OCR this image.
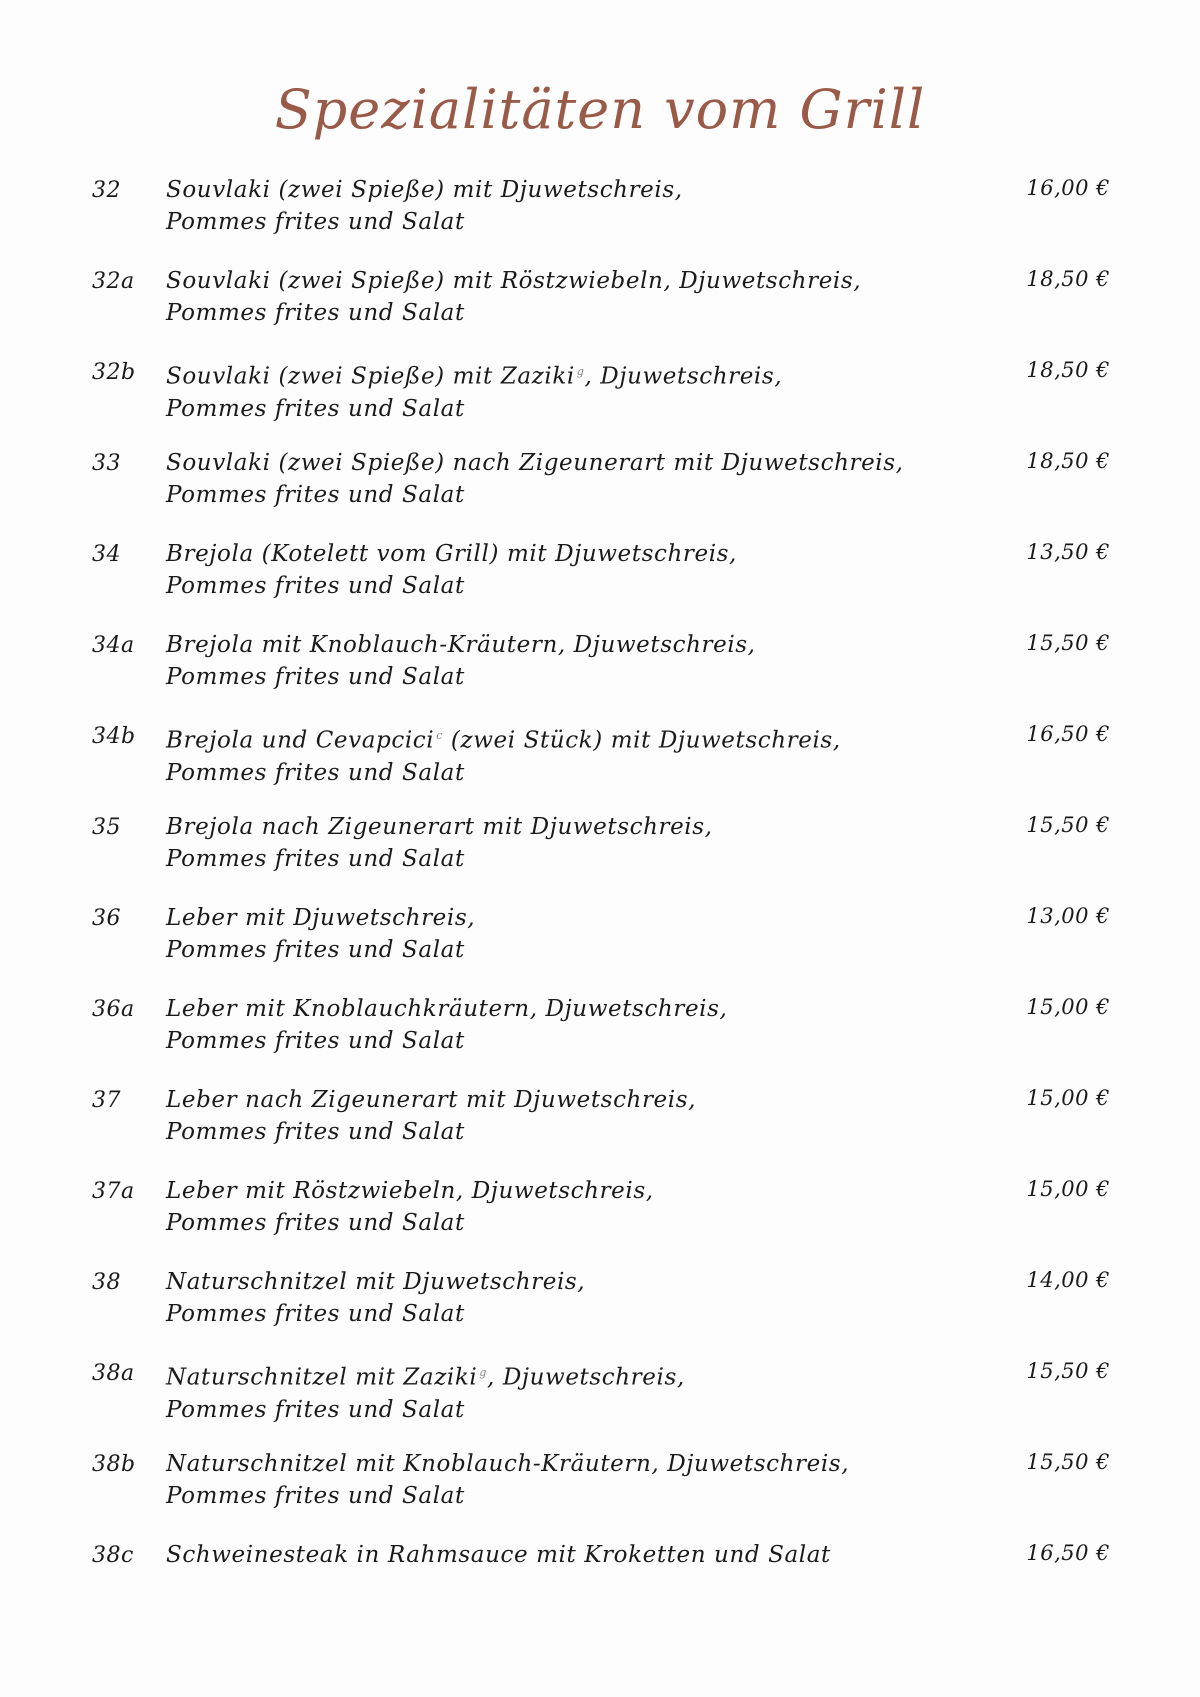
Spezialitäten vom Grill
32 Souvlaki (zwei Spieße) mit Djuwetschreis,
Pommes frites und Salat
16,00 €
32a Souvlaki (zwei Spieße) mit Röstzwiebeln, Djuwetschreis,
Pommes frites und Salat
18,50 €
32b Souvlaki (zwei Spieße) mit Zaziki $^g$, Djuwetschreis,
Pommes frites und Salat
18,50 €
33 Souvlaki (zwei Spieße) nach Zigeunerart mit Djuwetschreis,
Pommes frites und Salat
18,50 €
34 Brejola (Kotelett vom Grill) mit Djuwetschreis,
Pommes frites und Salat
13,50 €
34a Brejola mit Knoblauch-Kräutern, Djuwetschreis,
Pommes frites und Salat
15,50 €
34b Brejola und Cevapcici $^c$ (zwei Stück) mit Djuwetschreis,
Pommes frites und Salat
16,50 €
35 Brejola nach Zigeunerart mit Djuwetschreis,
Pommes frites und Salat
15,50 €
36 Leber mit Djuwetschreis,
Pommes frites und Salat
13,00 €
36a Leber mit Knoblauchkräutern, Djuwetschreis,
Pommes frites und Salat
15,00 €
37 Leber nach Zigeunerart mit Djuwetschreis,
Pommes frites und Salat
15,00 €
37a Leber mit Röstzwiebeln, Djuwetschreis,
Pommes frites und Salat
15,00 €
38 Naturschnitzel mit Djuwetschreis,
Pommes frites und Salat
14,00 €
38a Naturschnitzel mit Zaziki $^g$, Djuwetschreis,
Pommes frites und Salat
15,50 €
38b Naturschnitzel mit Knoblauch-Kräutern, Djuwetschreis,
Pommes frites und Salat
15,50 €
38c Schweinesteak in Rahmsauce mit Kroketten und Salat	16,50 €
